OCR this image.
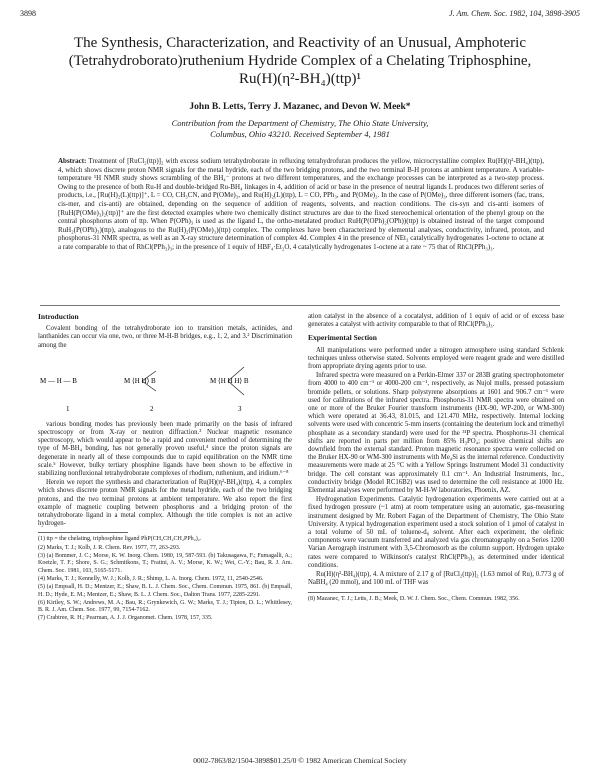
3898	J. Am. Chem. Soc. 1982, 104, 3898-3905
The Synthesis, Characterization, and Reactivity of an Unusual, Amphoteric (Tetrahydroborato)ruthenium Hydride Complex of a Chelating Triphosphine, Ru(H)(η²-BH₄)(ttp)¹
John B. Letts, Terry J. Mazanec, and Devon W. Meek*
Contribution from the Department of Chemistry, The Ohio State University,
Columbus, Ohio 43210. Received September 4, 1981
Abstract: Treatment of [RuCl₂(ttp)]₂ with excess sodium tetrahydroborate in refluxing tetrahydrofuran produces the yellow, microcrystalline complex Ru(H)(η²-BH₄)(ttp), 4, which shows discrete proton NMR signals for the metal hydride, each of the two bridging protons, and the two terminal B-H protons at ambient temperature. A variable-temperature ¹H NMR study shows scrambling of the BH₄⁻ protons at two different temperatures, and the exchange processes can be interpreted as a two-step process. Owing to the presence of both Ru-H and double-bridged Ru-BH₄ linkages in 4, addition of acid or base in the presence of neutral ligands L produces two different series of products, i.e., [Ru(H)₂(L)(ttp)]⁺, L = CO, CH₃CN, and P(OMe)₃, and Ru(H)₂(L)(ttp), L = CO, PPh₃, and P(OMe)₃. In the case of P(OMe)₃, three different isomers (fac, trans, cis-mer, and cis-anti) are obtained, depending on the sequence of addition of reagents, solvents, and reaction conditions. The cis-syn and cis-anti isomers of [RuH(P(OMe)₃)₂(ttp)]⁺ are the first detected examples where two chemically distinct structures are due to the fixed stereochemical orientation of the phenyl group on the central phosphorus atom of ttp. When P(OPh)₃ is used as the ligand L, the ortho-metalated product RuH(P(OPh)₂(OPh))(ttp) is obtained instead of the target compound RuH₂(P(OPh)₃)(ttp), analogous to the Ru(H)₂(P(OMe)₃)(ttp) complex. The complexes have been characterized by elemental analyses, conductivity, infrared, proton, and phosphorus-31 NMR spectra, as well as an X-ray structure determination of complex 4d. Complex 4 in the presence of NEt₃ catalytically hydrogenates 1-octene to octane at a rate comparable to that of RhCl(PPh₃)₃; in the presence of 1 equiv of HBF₄·Et₂O, 4 catalytically hydrogenates 1-octene at a rate ~ 75 that of RhCl(PPh₃)₃.

Introduction

Covalent bonding of the tetrahydroborate ion to transition metals, actinides, and lanthanides can occur via one, two, or three M-H-B bridges, e.g., 1, 2, and 3.² Discrimination among the

M — H — B	M ⟨H H⟩ B	M ⟨H H H⟩ B
1	2	3

various bonding modes has previously been made primarily on the basis of infrared spectroscopy or from X-ray or neutron diffraction.³ Nuclear magnetic resonance spectroscopy, which would appear to be a rapid and convenient method of determining the type of M-BH₄ bonding, has not generally proven useful,⁴ since the proton signals are degenerate in nearly all of these compounds due to rapid equilibration on the NMR time scale.⁵ However, bulky tertiary phosphine ligands have been shown to be effective in stabilizing nonfluxional tetrahydroborate complexes of rhodium, ruthenium, and iridium.⁶⁻⁸

Herein we report the synthesis and characterization of Ru(H)(η²-BH₄)(ttp), 4, a complex which shows discrete proton NMR signals for the metal hydride, each of the two bridging protons, and the two terminal protons at ambient temperature. We also report the first example of magnetic coupling between phosphorus and a bridging proton of the tetrahydroborate ligand in a metal complex. Although the title complex is not an active hydrogen-

(1) ttp = the chelating, triphosphine ligand PhP(CH₂CH₂CH₂PPh₂)₂.

(2) Marks, T. J.; Kolb, J. R. Chem. Rev. 1977, 77, 263-293.

(3) (a) Bommer, J. C.; Morse, K. W. Inorg. Chem. 1980, 19, 587-593. (b) Takusagawa, F.; Fumagalli, A.; Koetzle, T. F.; Shore, S. G.; Schmitkons, T.; Fratini, A. V.; Morse, K. W.; Wei, C.-Y.; Bau, R. J. Am. Chem. Soc. 1981, 103, 5165-5171.

(4) Marks, T. J.; Kennelly, W. J.; Kolb, J. R.; Shimp, L. A. Inorg. Chem. 1972, 11, 2540-2546.

(5) (a) Empsall, H. D.; Mentzer, E.; Shaw, B. L. J. Chem. Soc., Chem. Commun. 1975, 861. (b) Empsall, H. D.; Hyde, E. M.; Mentzer, E.; Shaw, B. L. J. Chem. Soc., Dalton Trans. 1977, 2285-2291.

(6) Kirtley, S. W.; Andrews, M. A.; Bau, R.; Grynkewich, G. W.; Marks, T. J.; Tipton, D. L.; Whittlesey, B. R. J. Am. Chem. Soc. 1977, 99, 7154-7162.

(7) Crabtree, R. H.; Pearman, A. J. J. Organomet. Chem. 1978, 157, 335.

ation catalyst in the absence of a cocatalyst, addition of 1 equiv of acid or of excess base generates a catalyst with activity comparable to that of RhCl(PPh₃)₃.

Experimental Section

All manipulations were performed under a nitrogen atmosphere using standard Schlenk techniques unless otherwise stated. Solvents employed were reagent grade and were distilled from appropriate drying agents prior to use.

Infrared spectra were measured on a Perkin-Elmer 337 or 283B grating spectrophotometer from 4000 to 400 cm⁻¹ or 4000-200 cm⁻¹, respectively, as Nujol mulls, pressed potassium bromide pellets, or solutions. Sharp polystyrene absorptions at 1601 and 906.7 cm⁻¹ were used for calibrations of the infrared spectra. Phosphorus-31 NMR spectra were obtained on one or more of the Bruker Fourier transform instruments (HX-90, WP-200, or WM-300) which were operated at 36.43, 81.015, and 121.470 MHz, respectively. Internal locking solvents were used with concentric 5-mm inserts (containing the deuterium lock and trimethyl phosphate as a secondary standard) were used for the ³¹P spectra. Phosphorus-31 chemical shifts are reported in parts per million from 85% H₃PO₄; positive chemical shifts are downfield from the external standard. Proton magnetic resonance spectra were collected on the Bruker HX-90 or WM-300 instruments with Me₄Si as the internal reference. Conductivity measurements were made at 25 °C with a Yellow Springs Instrument Model 31 conductivity bridge. The cell constant was approximately 0.1 cm⁻¹. An Industrial Instruments, Inc., conductivity bridge (Model RC16B2) was used to determine the cell resistance at 1000 Hz. Elemental analyses were performed by M-H-W laboratories, Phoenix, AZ.

Hydrogenation Experiments. Catalytic hydrogenation experiments were carried out at a fixed hydrogen pressure (~1 atm) at room temperature using an automatic, gas-measuring instrument designed by Mr. Robert Fagan of the Department of Chemistry, The Ohio State University. A typical hydrogenation experiment used a stock solution of 1 μmol of catalyst in a total volume of 50 mL of toluene-d₈ solvent. After each experiment, the olefinic components were vacuum transferred and analyzed via gas chromatography on a Series 1200 Varian Aerograph instrument with 3,5-Chromosorb as the column support. Hydrogen uptake rates were compared to Wilkinson's catalyst RhCl(PPh₃)₃ as determined under identical conditions.

Ru(H)(η²-BH₄)(ttp), 4. A mixture of 2.17 g of [RuCl₂(ttp)]₂ (1.63 mmol of Ru), 0.773 g of NaBH₄ (20 mmol), and 100 mL of THF was

(8) Mazanec, T. J.; Letts, J. B.; Meek, D. W. J. Chem. Soc., Chem. Commun. 1982, 356.

0002-7863/82/1504-3898$01.25/0 © 1982 American Chemical Society
